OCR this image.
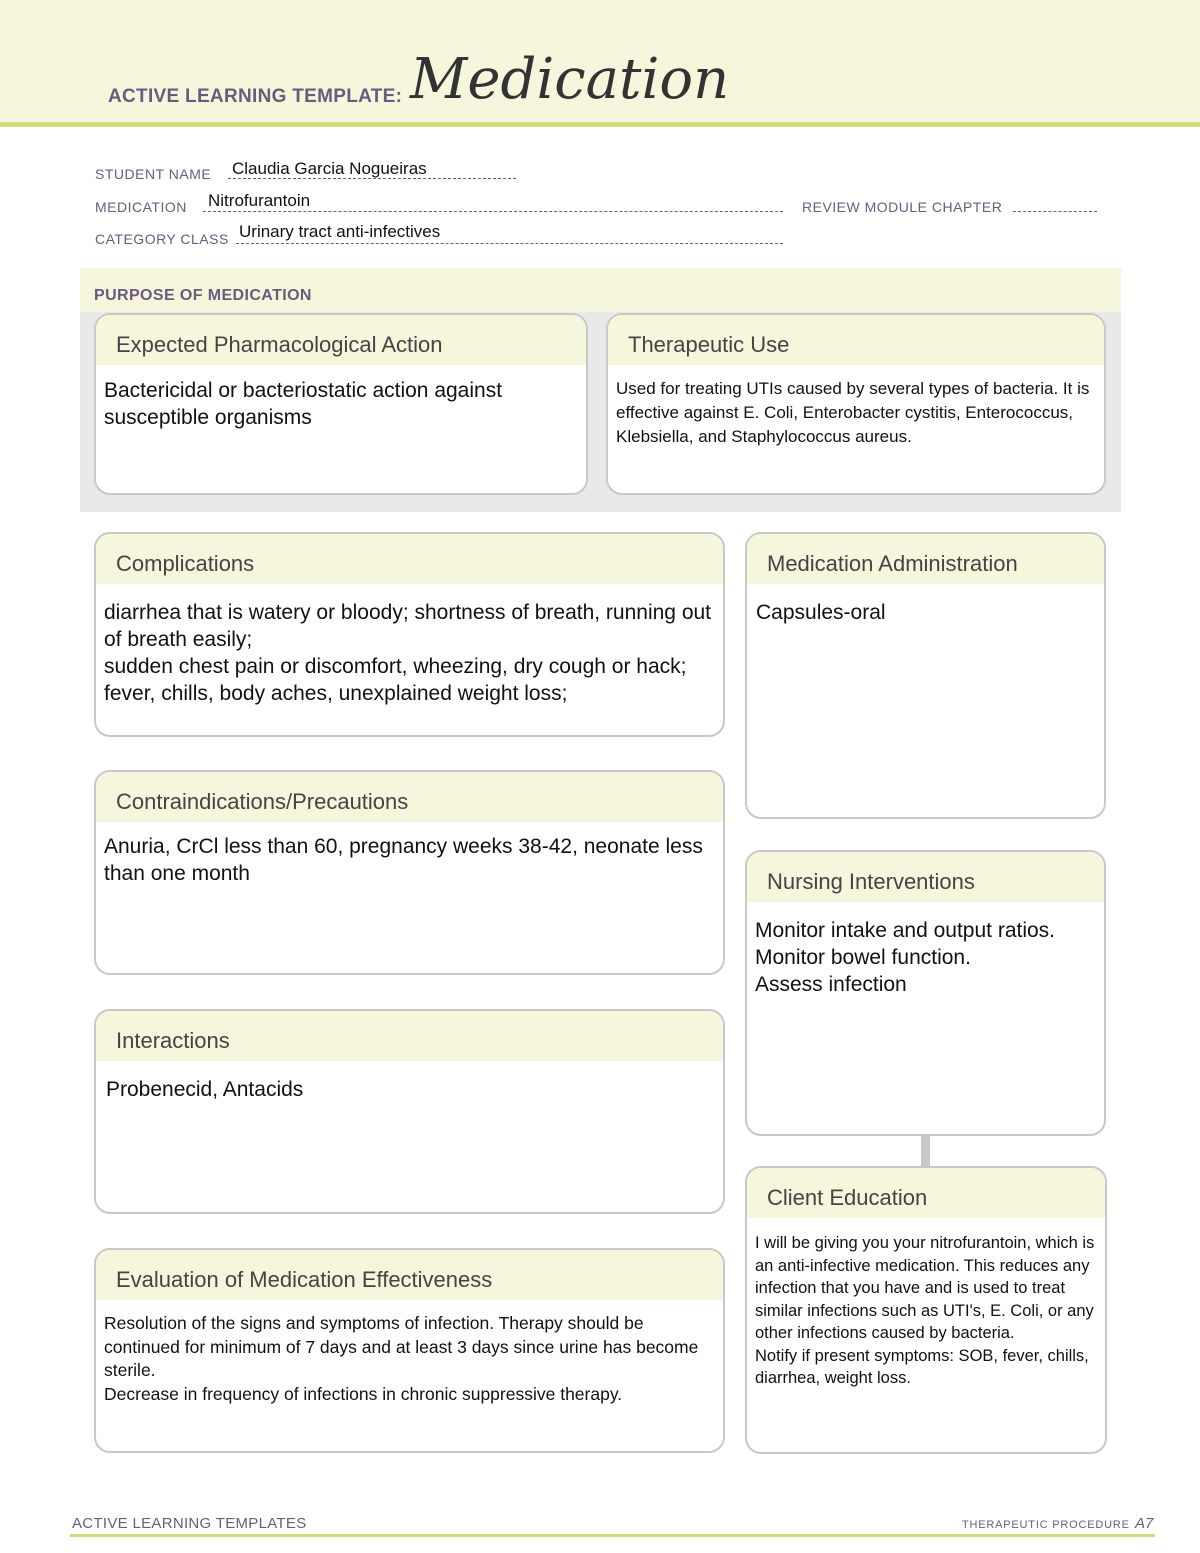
ACTIVE LEARNING TEMPLATE: Medication
STUDENT NAME Claudia Garcia Nogueiras
MEDICATION Nitrofurantoin	REVIEW MODULE CHAPTER
CATEGORY CLASS Urinary tract anti-infectives
PURPOSE OF MEDICATION
Expected Pharmacological Action
Bactericidal or bacteriostatic action against susceptible organisms
Therapeutic Use
Used for treating UTIs caused by several types of bacteria. It is effective against E. Coli, Enterobacter cystitis, Enterococcus, Klebsiella, and Staphylococcus aureus.
Complications
diarrhea that is watery or bloody; shortness of breath, running out of breath easily;
sudden chest pain or discomfort, wheezing, dry cough or hack; fever, chills, body aches, unexplained weight loss;
Contraindications/Precautions
Anuria, CrCl less than 60, pregnancy weeks 38-42, neonate less than one month
Interactions
Probenecid, Antacids
Evaluation of Medication Effectiveness
Resolution of the signs and symptoms of infection. Therapy should be continued for minimum of 7 days and at least 3 days since urine has become sterile.
Decrease in frequency of infections in chronic suppressive therapy.
Medication Administration
Capsules-oral
Nursing Interventions
Monitor intake and output ratios.
Monitor bowel function.
Assess infection
Client Education
I will be giving you your nitrofurantoin, which is an anti-infective medication. This reduces any infection that you have and is used to treat similar infections such as UTI's, E. Coli, or any other infections caused by bacteria.
Notify if present symptoms: SOB, fever, chills, diarrhea, weight loss.
ACTIVE LEARNING TEMPLATES	THERAPEUTIC PROCEDURE A7
